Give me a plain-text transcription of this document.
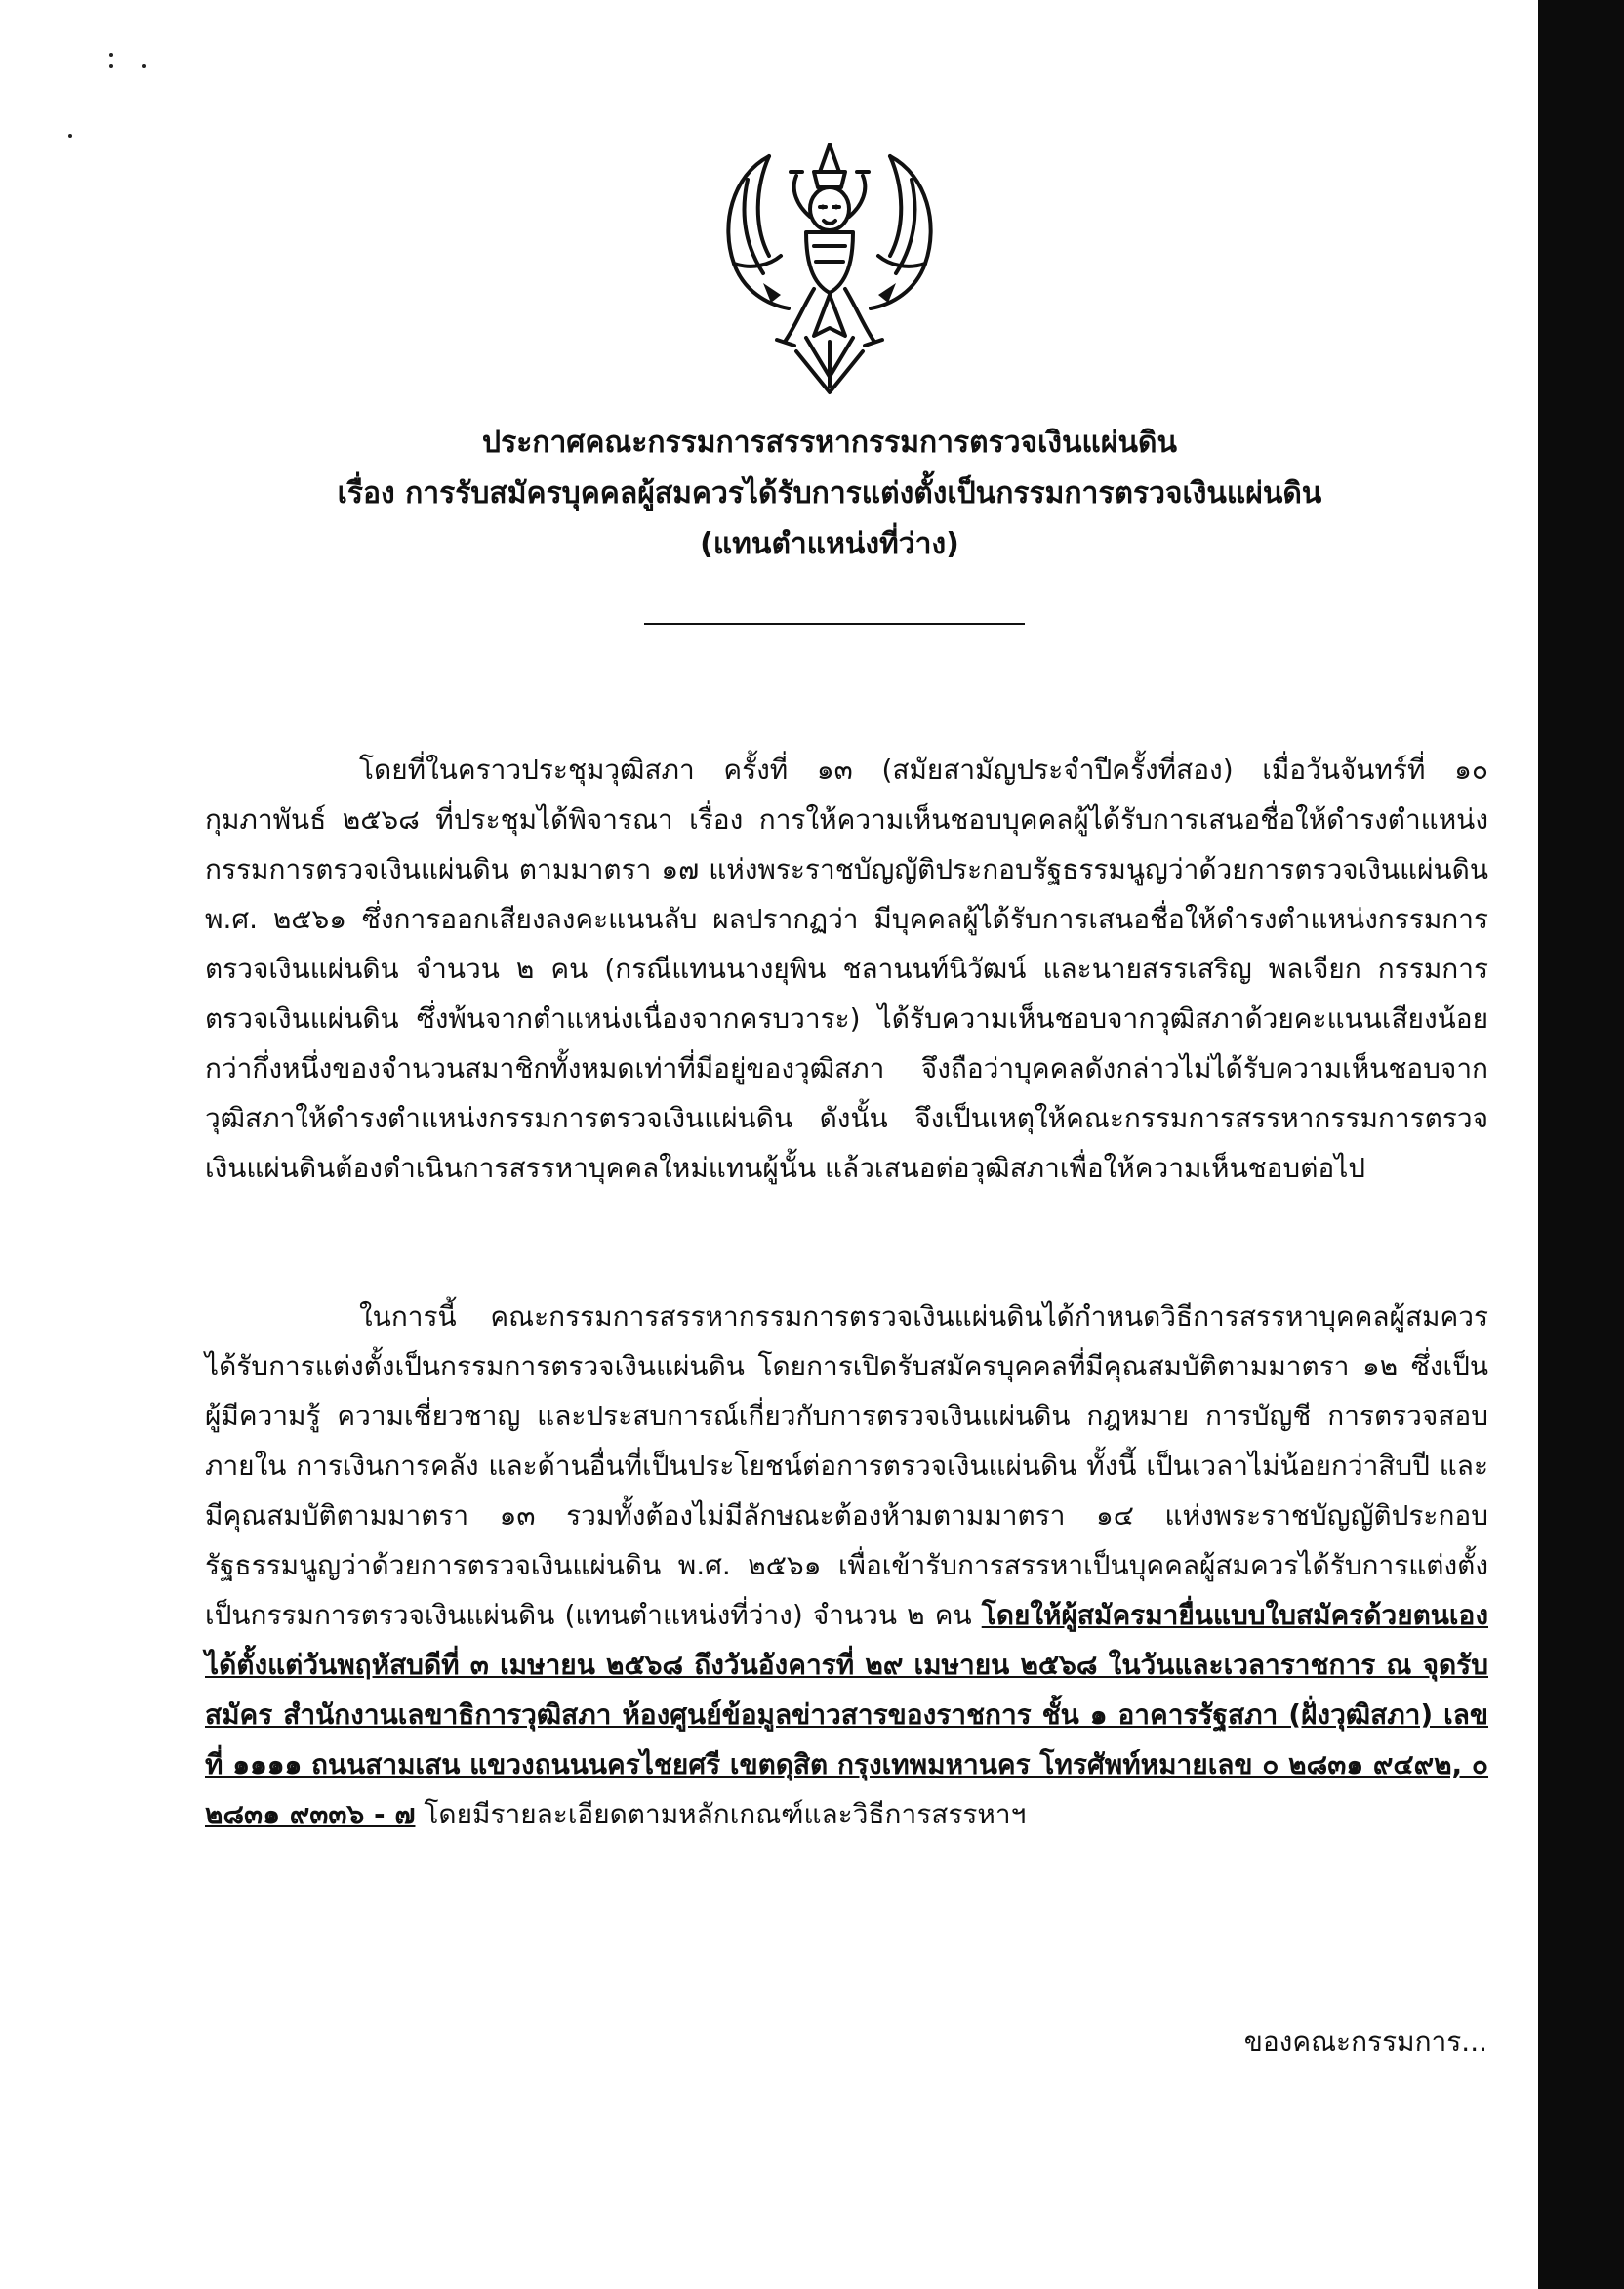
ประกาศคณะกรรมการสรรหากรรมการตรวจเงินแผ่นดิน
เรื่อง การรับสมัครบุคคลผู้สมควรได้รับการแต่งตั้งเป็นกรรมการตรวจเงินแผ่นดิน
(แทนตำแหน่งที่ว่าง)

โดยที่ในคราวประชุมวุฒิสภา ครั้งที่ ๑๓ (สมัยสามัญประจำปีครั้งที่สอง) เมื่อวันจันทร์ที่ ๑๐ กุมภาพันธ์ ๒๕๖๘ ที่ประชุมได้พิจารณา เรื่อง การให้ความเห็นชอบบุคคลผู้ได้รับการเสนอชื่อให้ดำรงตำแหน่งกรรมการตรวจเงินแผ่นดิน ตามมาตรา ๑๗ แห่งพระราชบัญญัติประกอบรัฐธรรมนูญว่าด้วยการตรวจเงินแผ่นดิน พ.ศ. ๒๕๖๑ ซึ่งการออกเสียงลงคะแนนลับ ผลปรากฏว่า มีบุคคลผู้ได้รับการเสนอชื่อให้ดำรงตำแหน่งกรรมการตรวจเงินแผ่นดิน จำนวน ๒ คน (กรณีแทนนางยุพิน ชลานนท์นิวัฒน์ และนายสรรเสริญ พลเจียก กรรมการตรวจเงินแผ่นดิน ซึ่งพ้นจากตำแหน่งเนื่องจากครบวาระ) ได้รับความเห็นชอบจากวุฒิสภาด้วยคะแนนเสียงน้อยกว่ากึ่งหนึ่งของจำนวนสมาชิกทั้งหมดเท่าที่มีอยู่ของวุฒิสภา จึงถือว่าบุคคลดังกล่าวไม่ได้รับความเห็นชอบจากวุฒิสภาให้ดำรงตำแหน่งกรรมการตรวจเงินแผ่นดิน ดังนั้น จึงเป็นเหตุให้คณะกรรมการสรรหากรรมการตรวจเงินแผ่นดินต้องดำเนินการสรรหาบุคคลใหม่แทนผู้นั้น แล้วเสนอต่อวุฒิสภาเพื่อให้ความเห็นชอบต่อไป

ในการนี้ คณะกรรมการสรรหากรรมการตรวจเงินแผ่นดินได้กำหนดวิธีการสรรหาบุคคลผู้สมควรได้รับการแต่งตั้งเป็นกรรมการตรวจเงินแผ่นดิน โดยการเปิดรับสมัครบุคคลที่มีคุณสมบัติตามมาตรา ๑๒ ซึ่งเป็นผู้มีความรู้ ความเชี่ยวชาญ และประสบการณ์เกี่ยวกับการตรวจเงินแผ่นดิน กฎหมาย การบัญชี การตรวจสอบภายใน การเงินการคลัง และด้านอื่นที่เป็นประโยชน์ต่อการตรวจเงินแผ่นดิน ทั้งนี้ เป็นเวลาไม่น้อยกว่าสิบปี และมีคุณสมบัติตามมาตรา ๑๓ รวมทั้งต้องไม่มีลักษณะต้องห้ามตามมาตรา ๑๔ แห่งพระราชบัญญัติประกอบรัฐธรรมนูญว่าด้วยการตรวจเงินแผ่นดิน พ.ศ. ๒๕๖๑ เพื่อเข้ารับการสรรหาเป็นบุคคลผู้สมควรได้รับการแต่งตั้งเป็นกรรมการตรวจเงินแผ่นดิน (แทนตำแหน่งที่ว่าง) จำนวน ๒ คน โดยให้ผู้สมัครมายื่นแบบใบสมัครด้วยตนเองได้ตั้งแต่วันพฤหัสบดีที่ ๓ เมษายน ๒๕๖๘ ถึงวันอังคารที่ ๒๙ เมษายน ๒๕๖๘ ในวันและเวลาราชการ ณ จุดรับสมัคร สำนักงานเลขาธิการวุฒิสภา ห้องศูนย์ข้อมูลข่าวสารของราชการ ชั้น ๑ อาคารรัฐสภา (ฝั่งวุฒิสภา) เลขที่ ๑๑๑๑ ถนนสามเสน แขวงถนนนครไชยศรี เขตดุสิต กรุงเทพมหานคร โทรศัพท์หมายเลข ๐ ๒๘๓๑ ๙๔๙๒, ๐ ๒๘๓๑ ๙๓๓๖ - ๗ โดยมีรายละเอียดตามหลักเกณฑ์และวิธีการสรรหาฯ

ของคณะกรรมการ...
